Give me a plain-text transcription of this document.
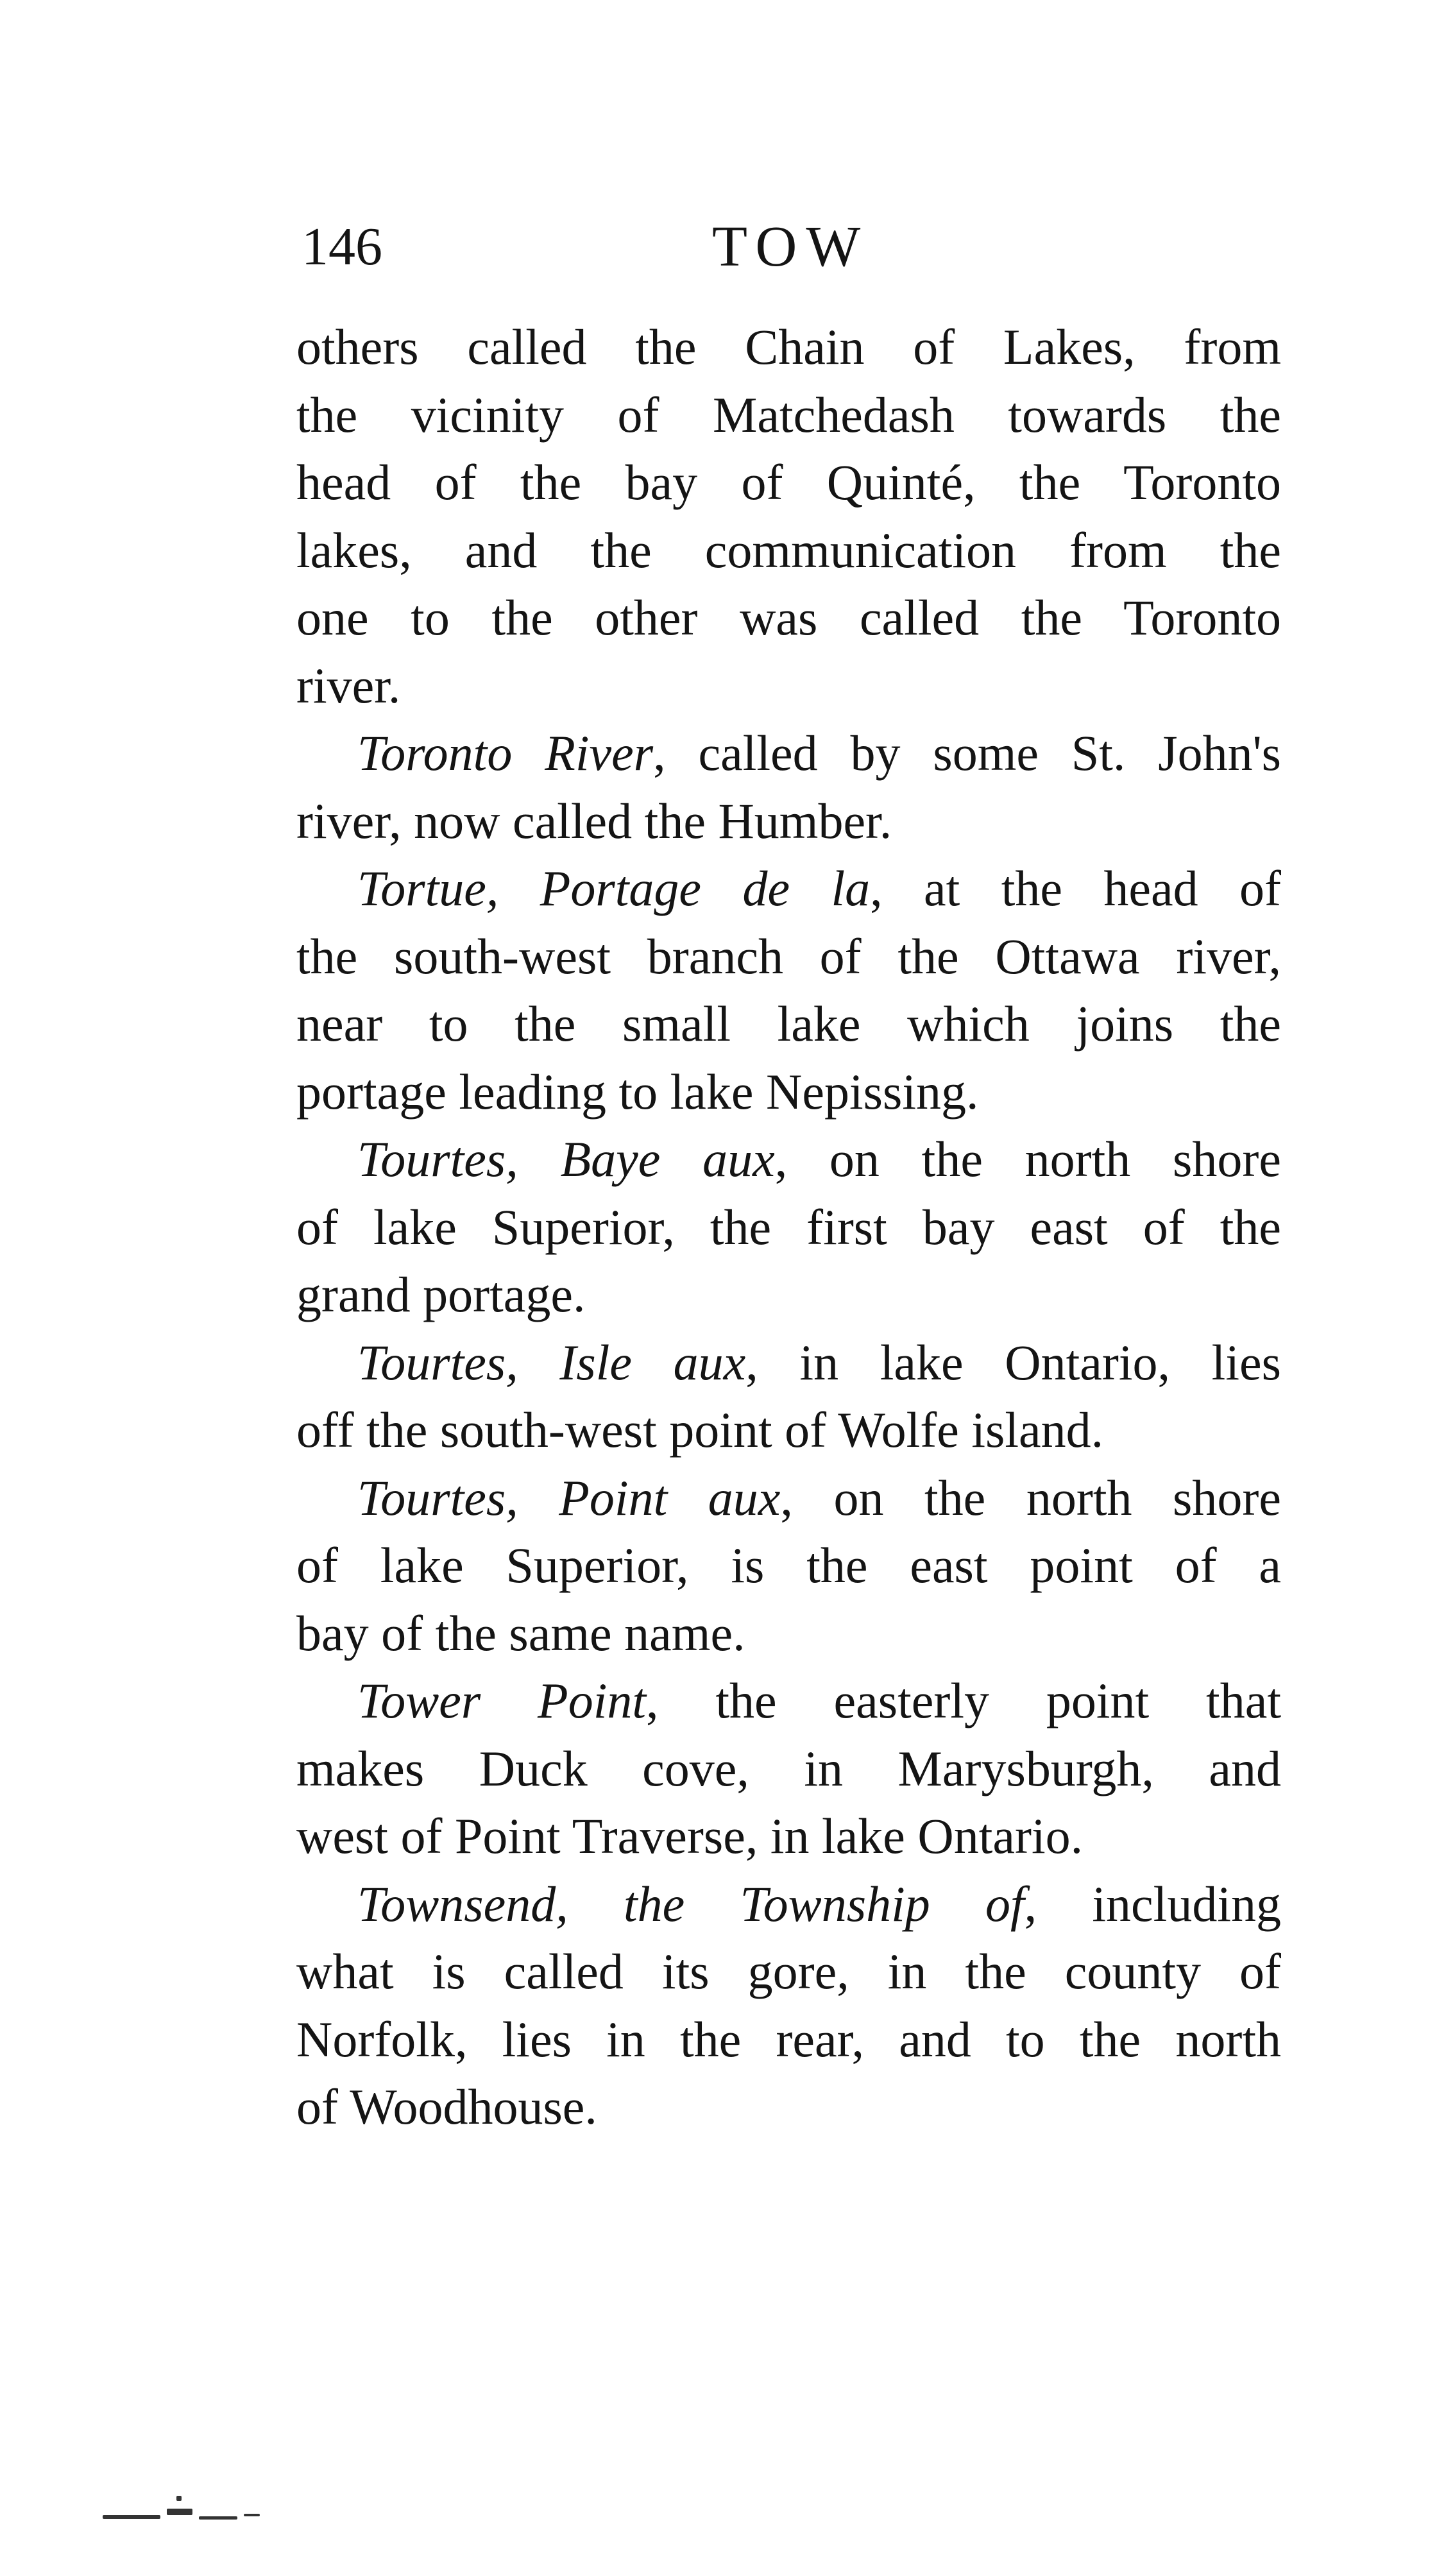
146	TOW
others called the Chain of Lakes, from
the vicinity of Matchedash towards the
head of the bay of Quinté, the Toronto
lakes, and the communication from the
one to the other was called the Toronto
river.
Toronto River, called by some St. John's
river, now called the Humber.
Tortue, Portage de la, at the head of
the south-west branch of the Ottawa river,
near to the small lake which joins the
portage leading to lake Nepissing.
Tourtes, Baye aux, on the north shore
of lake Superior, the first bay east of the
grand portage.
Tourtes, Isle aux, in lake Ontario, lies
off the south-west point of Wolfe island.
Tourtes, Point aux, on the north shore
of lake Superior, is the east point of a
bay of the same name.
Tower Point, the easterly point that
makes Duck cove, in Marysburgh, and
west of Point Traverse, in lake Ontario.
Townsend, the Township of, including
what is called its gore, in the county of
Norfolk, lies in the rear, and to the north
of Woodhouse.
